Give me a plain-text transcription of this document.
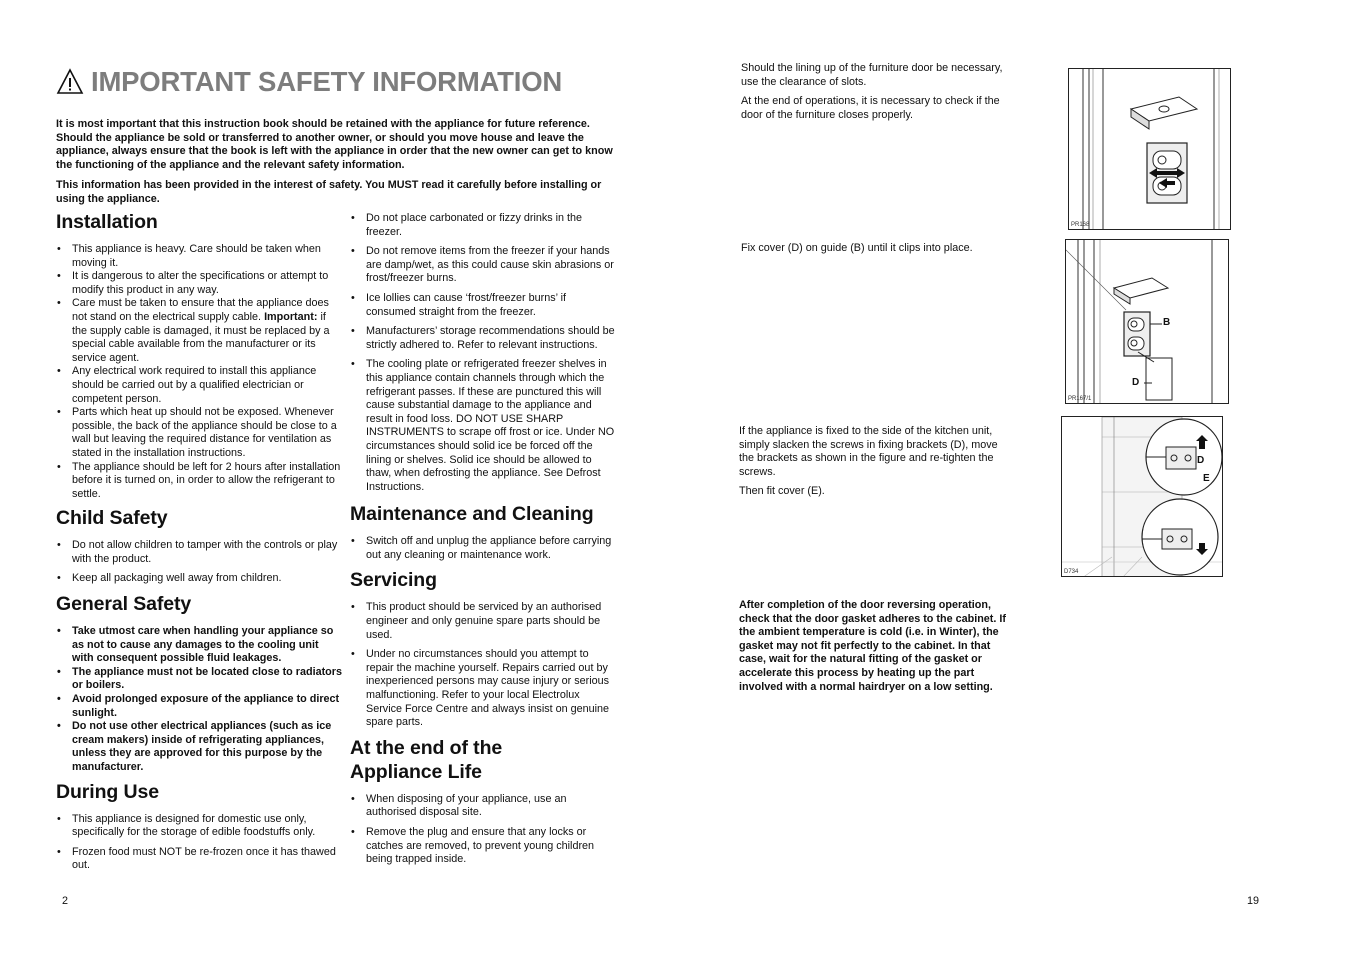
IMPORTANT SAFETY INFORMATION

It is most important that this instruction book should be retained with the appliance for future reference. Should the appliance be sold or transferred to another owner, or should you move house and leave the appliance, always ensure that the book is left with the appliance in order that the new owner can get to know the functioning of the appliance and the relevant safety information.

This information has been provided in the interest of safety. You MUST read it carefully before installing or using the appliance.

Installation
• This appliance is heavy. Care should be taken when moving it.
• It is dangerous to alter the specifications or attempt to modify this product in any way.
• Care must be taken to ensure that the appliance does not stand on the electrical supply cable. Important: if the supply cable is damaged, it must be replaced by a special cable available from the manufacturer or its service agent.
• Any electrical work required to install this appliance should be carried out by a qualified electrician or competent person.
• Parts which heat up should not be exposed. Whenever possible, the back of the appliance should be close to a wall but leaving the required distance for ventilation as stated in the installation instructions.
• The appliance should be left for 2 hours after installation before it is turned on, in order to allow the refrigerant to settle.
Child Safety
• Do not allow children to tamper with the controls or play with the product.
• Keep all packaging well away from children.
General Safety
• Take utmost care when handling your appliance so as not to cause any damages to the cooling unit with consequent possible fluid leakages.
• The appliance must not be located close to radiators or boilers.
• Avoid prolonged exposure of the appliance to direct sunlight.
• Do not use other electrical appliances (such as ice cream makers) inside of refrigerating appliances, unless they are approved for this purpose by the manufacturer.
During Use
• This appliance is designed for domestic use only, specifically for the storage of edible foodstuffs only.
• Frozen food must NOT be re-frozen once it has thawed out.
• Do not place carbonated or fizzy drinks in the freezer.
• Do not remove items from the freezer if your hands are damp/wet, as this could cause skin abrasions or frost/freezer burns.
• Ice lollies can cause ‘frost/freezer burns’ if consumed straight from the freezer.
• Manufacturers’ storage recommendations should be strictly adhered to. Refer to relevant instructions.
• The cooling plate or refrigerated freezer shelves in this appliance contain channels through which the refrigerant passes. If these are punctured this will cause substantial damage to the appliance and result in food loss. DO NOT USE SHARP INSTRUMENTS to scrape off frost or ice. Under NO circumstances should solid ice be forced off the lining or shelves. Solid ice should be allowed to thaw, when defrosting the appliance. See Defrost Instructions.
Maintenance and Cleaning
• Switch off and unplug the appliance before carrying out any cleaning or maintenance work.
Servicing
• This product should be serviced by an authorised engineer and only genuine spare parts should be used.
• Under no circumstances should you attempt to repair the machine yourself. Repairs carried out by inexperienced persons may cause injury or serious malfunctioning. Refer to your local Electrolux Service Force Centre and always insist on genuine spare parts.
At the end of the
Appliance Life
• When disposing of your appliance, use an authorised disposal site.
• Remove the plug and ensure that any locks or catches are removed, to prevent young children being trapped inside.

Should the lining up of the furniture door be necessary, use the clearance of slots.

At the end of operations, it is necessary to check if the door of the furniture closes properly.

Fix cover (D) on guide (B) until it clips into place.

If the appliance is fixed to the side of the kitchen unit, simply slacken the screws in fixing brackets (D), move the brackets as shown in the figure and re-tighten the screws.

Then fit cover (E).

After completion of the door reversing operation, check that the door gasket adheres to the cabinet. If the ambient temperature is cold (i.e. in Winter), the gasket may not fit perfectly to the cabinet. In that case, wait for the natural fitting of the gasket or accelerate this process by heating up the part involved with a normal hairdryer on a low setting.

PR168
B
D
PR167/1
D
E
D734
2	19
